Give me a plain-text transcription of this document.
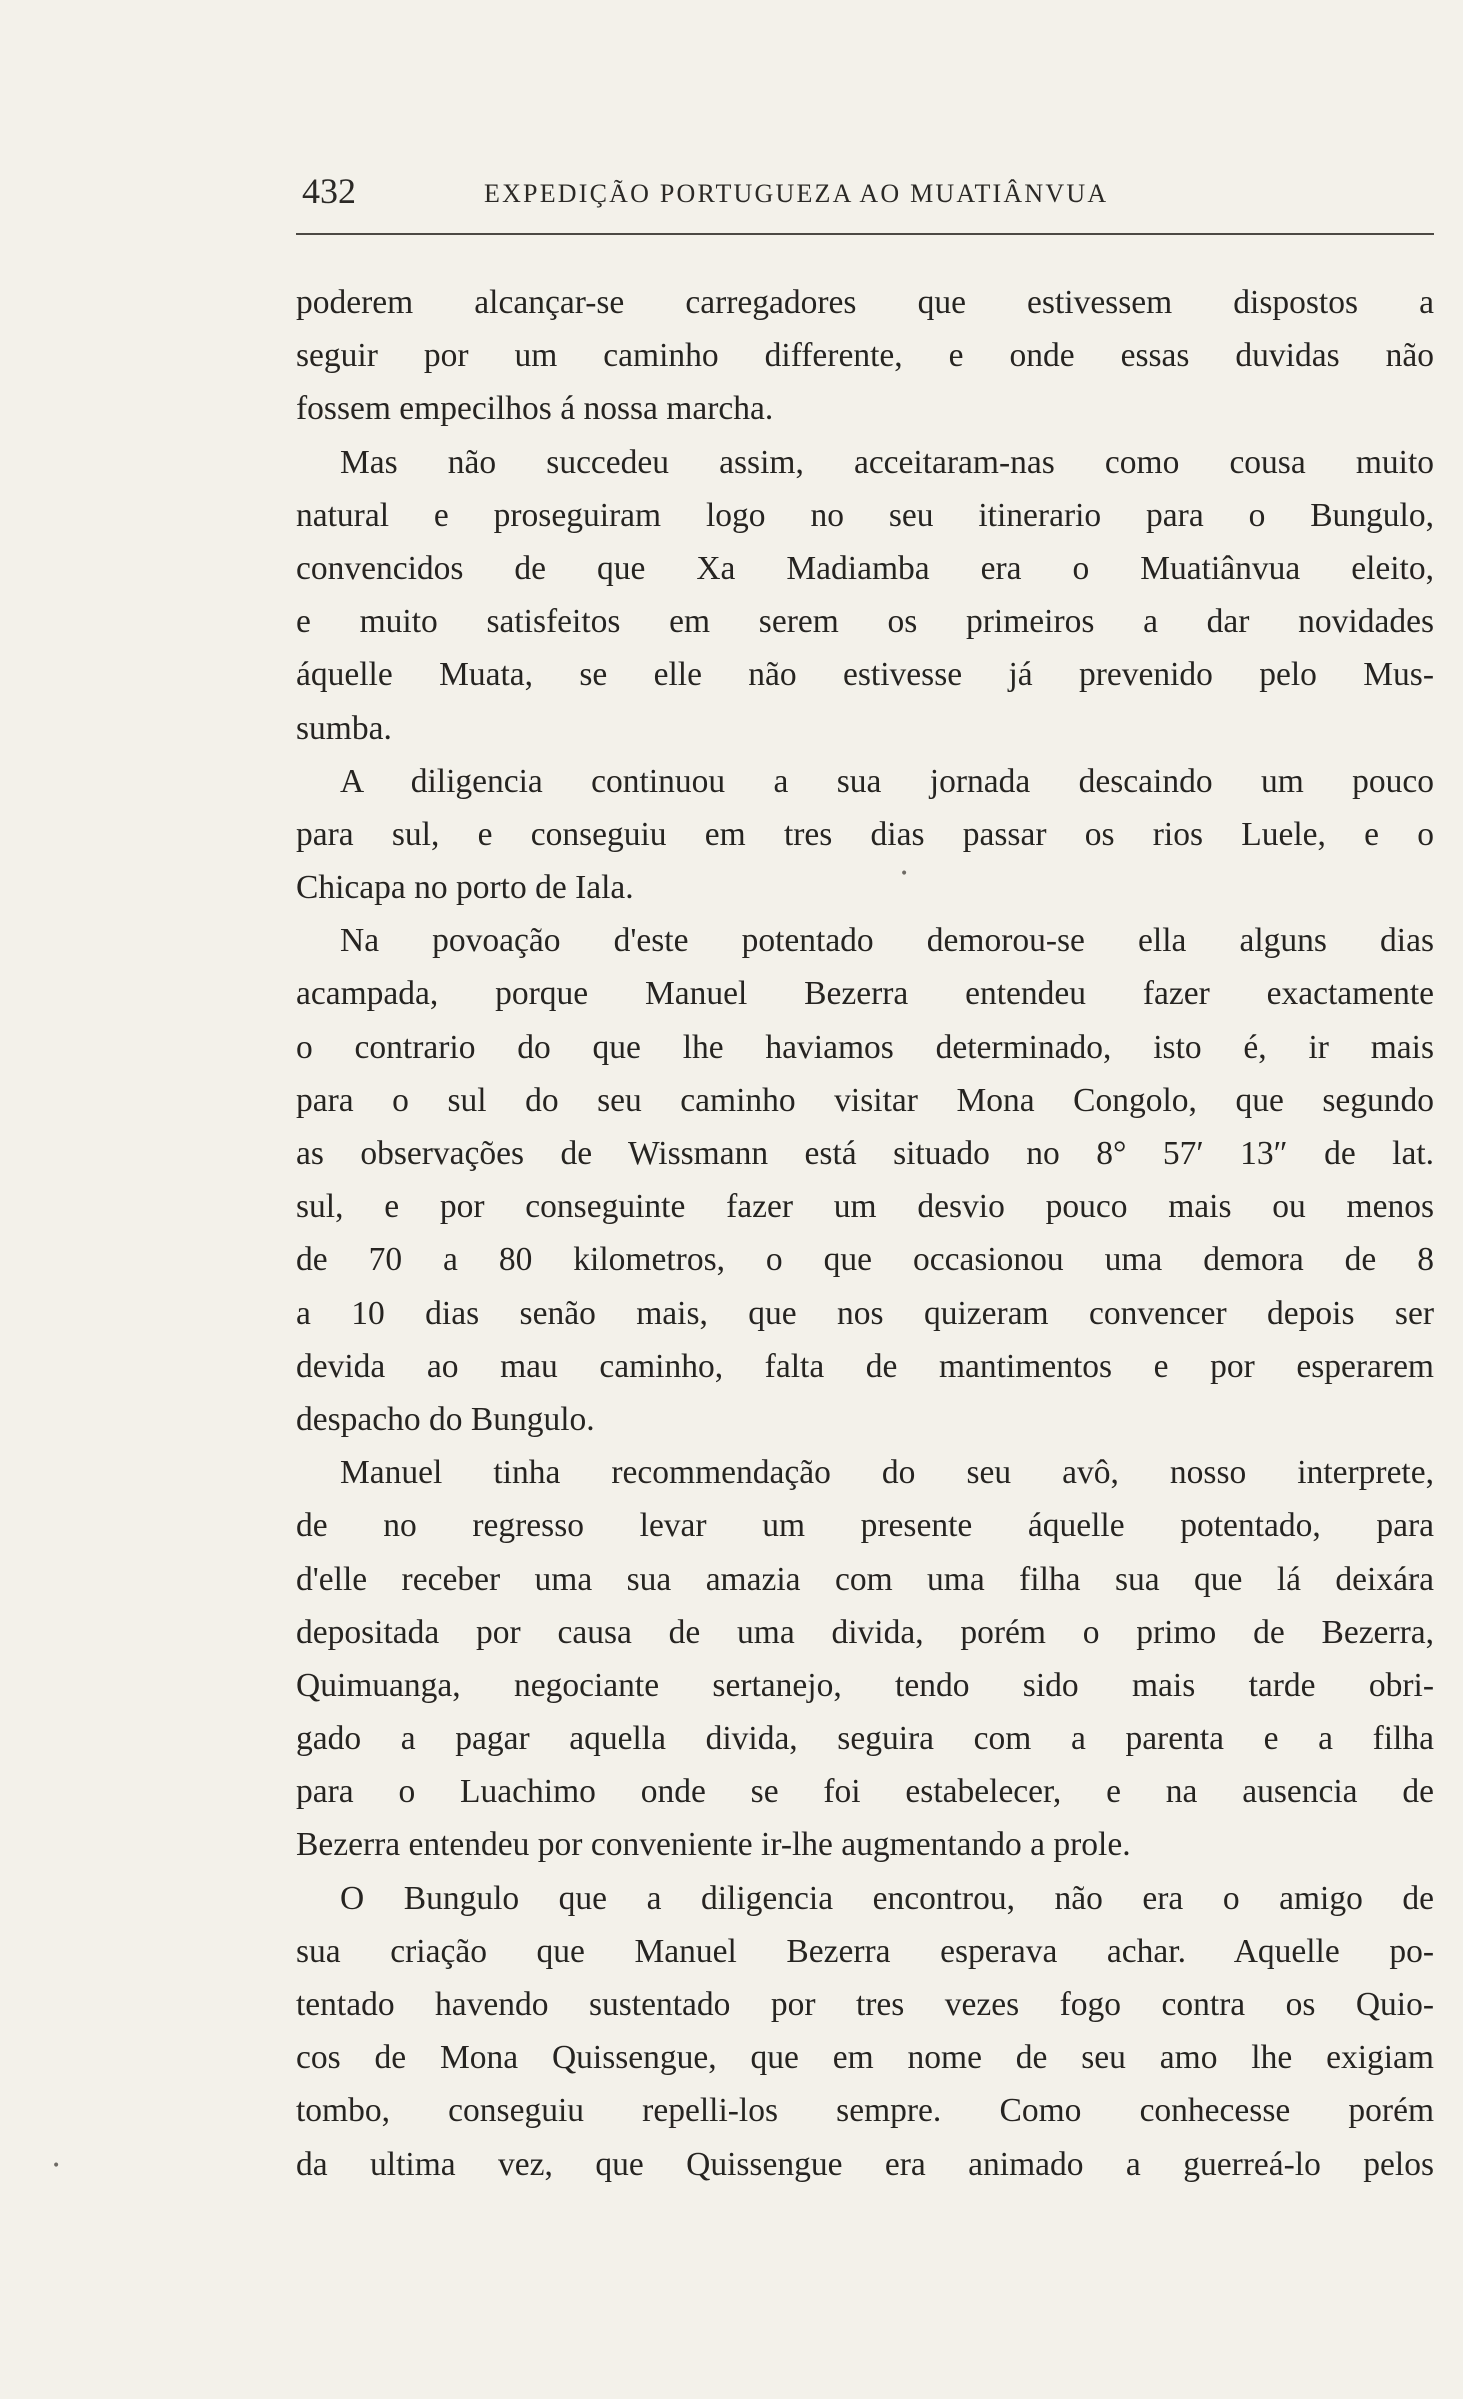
432	EXPEDIÇÃO PORTUGUEZA AO MUATIÂNVUA
poderem alcançar-se carregadores que estivessem dispostos a
seguir por um caminho differente, e onde essas duvidas não
fossem empecilhos á nossa marcha.
Mas não succedeu assim, acceitaram-nas como cousa muito
natural e proseguiram logo no seu itinerario para o Bungulo,
convencidos de que Xa Madiamba era o Muatiânvua eleito,
e muito satisfeitos em serem os primeiros a dar novidades
áquelle Muata, se elle não estivesse já prevenido pelo Mus-
sumba.
A diligencia continuou a sua jornada descaindo um pouco
para sul, e conseguiu em tres dias passar os rios Luele, e o
Chicapa no porto de Iala.
Na povoação d'este potentado demorou-se ella alguns dias
acampada, porque Manuel Bezerra entendeu fazer exactamente
o contrario do que lhe haviamos determinado, isto é, ir mais
para o sul do seu caminho visitar Mona Congolo, que segundo
as observações de Wissmann está situado no 8° 57′ 13″ de lat.
sul, e por conseguinte fazer um desvio pouco mais ou menos
de 70 a 80 kilometros, o que occasionou uma demora de 8
a 10 dias senão mais, que nos quizeram convencer depois ser
devida ao mau caminho, falta de mantimentos e por esperarem
despacho do Bungulo.
Manuel tinha recommendação do seu avô, nosso interprete,
de no regresso levar um presente áquelle potentado, para
d'elle receber uma sua amazia com uma filha sua que lá deixára
depositada por causa de uma divida, porém o primo de Bezerra,
Quimuanga, negociante sertanejo, tendo sido mais tarde obri-
gado a pagar aquella divida, seguira com a parenta e a filha
para o Luachimo onde se foi estabelecer, e na ausencia de
Bezerra entendeu por conveniente ir-lhe augmentando a prole.
O Bungulo que a diligencia encontrou, não era o amigo de
sua criação que Manuel Bezerra esperava achar. Aquelle po-
tentado havendo sustentado por tres vezes fogo contra os Quio-
cos de Mona Quissengue, que em nome de seu amo lhe exigiam
tombo, conseguiu repelli-los sempre. Como conhecesse porém
da ultima vez, que Quissengue era animado a guerreá-lo pelos
•
•
